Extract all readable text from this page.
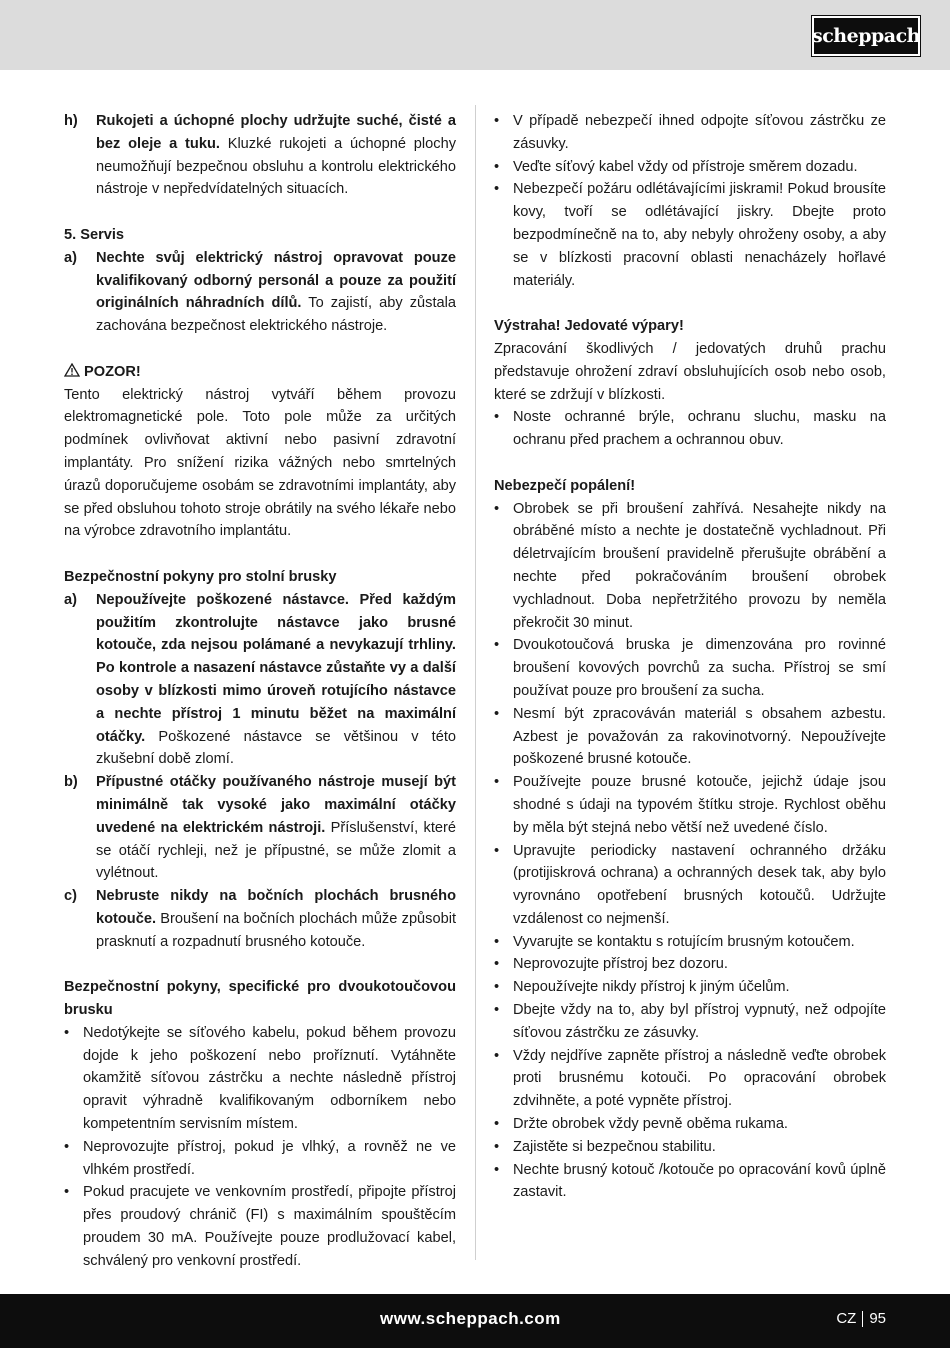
scheppach
h)	Rukojeti a úchopné plochy udržujte suché, čisté a bez oleje a tuku. Kluzké rukojeti a úchopné plochy neumožňují bezpečnou obsluhu a kontrolu elektrického nástroje v nepředvídatelných situacích.

5. Servis

a)	Nechte svůj elektrický nástroj opravovat pouze kvalifikovaný odborný personál a pouze za použití originálních náhradních dílů. To zajistí, aby zůstala zachována bezpečnost elektrického nástroje.

POZOR!

Tento elektrický nástroj vytváří během provozu elektromagnetické pole. Toto pole může za určitých podmínek ovlivňovat aktivní nebo pasivní zdravotní implantáty. Pro snížení rizika vážných nebo smrtelných úrazů doporučujeme osobám se zdravotními implantáty, aby se před obsluhou tohoto stroje obrátily na svého lékaře nebo na výrobce zdravotního implantátu.

Bezpečnostní pokyny pro stolní brusky

a)	Nepoužívejte poškozené nástavce. Před každým použitím zkontrolujte nástavce jako brusné kotouče, zda nejsou polámané a nevykazují trhliny. Po kontrole a nasazení nástavce zůstaňte vy a další osoby v blízkosti mimo úroveň rotujícího nástavce a nechte přístroj 1 minutu běžet na maximální otáčky. Poškozené nástavce se většinou v této zkušební době zlomí.
b)	Přípustné otáčky používaného nástroje musejí být minimálně tak vysoké jako maximální otáčky uvedené na elektrickém nástroji. Příslušenství, které se otáčí rychleji, než je přípustné, se může zlomit a vylétnout.
c)	Nebruste nikdy na bočních plochách brusného kotouče. Broušení na bočních plochách může způsobit prasknutí a rozpadnutí brusného kotouče.

Bezpečnostní pokyny, specifické pro dvoukotoučovou brusku

• Nedotýkejte se síťového kabelu, pokud během provozu dojde k jeho poškození nebo proříznutí. Vytáhněte okamžitě síťovou zástrčku a nechte následně přístroj opravit výhradně kvalifikovaným odborníkem nebo kompetentním servisním místem.
• Neprovozujte přístroj, pokud je vlhký, a rovněž ne ve vlhkém prostředí.
• Pokud pracujete ve venkovním prostředí, připojte přístroj přes proudový chránič (FI) s maximálním spouštěcím proudem 30 mA. Používejte pouze prodlužovací kabel, schválený pro venkovní prostředí.
• V případě nebezpečí ihned odpojte síťovou zástrčku ze zásuvky.
• Veďte síťový kabel vždy od přístroje směrem dozadu.
• Nebezpečí požáru odlétávajícími jiskrami! Pokud brousíte kovy, tvoří se odlétávající jiskry. Dbejte proto bezpodmínečně na to, aby nebyly ohroženy osoby, a aby se v blízkosti pracovní oblasti nenacházely hořlavé materiály.

Výstraha! Jedovaté výpary!

Zpracování škodlivých / jedovatých druhů prachu představuje ohrožení zdraví obsluhujících osob nebo osob, které se zdržují v blízkosti.

• Noste ochranné brýle, ochranu sluchu, masku na ochranu před prachem a ochrannou obuv.

Nebezpečí popálení!

• Obrobek se při broušení zahřívá. Nesahejte nikdy na obráběné místo a nechte je dostatečně vychladnout. Při déletrvajícím broušení pravidelně přerušujte obrábění a nechte před pokračováním broušení obrobek vychladnout. Doba nepřetržitého provozu by neměla překročit 30 minut.
• Dvoukotoučová bruska je dimenzována pro rovinné broušení kovových povrchů za sucha. Přístroj se smí používat pouze pro broušení za sucha.
• Nesmí být zpracováván materiál s obsahem azbestu. Azbest je považován za rakovinotvorný. Nepoužívejte poškozené brusné kotouče.
• Používejte pouze brusné kotouče, jejichž údaje jsou shodné s údaji na typovém štítku stroje. Rychlost oběhu by měla být stejná nebo větší než uvedené číslo.
• Upravujte periodicky nastavení ochranného držáku (protijiskrová ochrana) a ochranných desek tak, aby bylo vyrovnáno opotřebení brusných kotoučů. Udržujte vzdálenost co nejmenší.
• Vyvarujte se kontaktu s rotujícím brusným kotoučem.
• Neprovozujte přístroj bez dozoru.
• Nepoužívejte nikdy přístroj k jiným účelům.
• Dbejte vždy na to, aby byl přístroj vypnutý, než odpojíte síťovou zástrčku ze zásuvky.
• Vždy nejdříve zapněte přístroj a následně veďte obrobek proti brusnému kotouči. Po opracování obrobek zdvihněte, a poté vypněte přístroj.
• Držte obrobek vždy pevně oběma rukama.
• Zajistěte si bezpečnou stabilitu.
• Nechte brusný kotouč /kotouče po opracování kovů úplně zastavit.
www.scheppach.com	CZ 95
